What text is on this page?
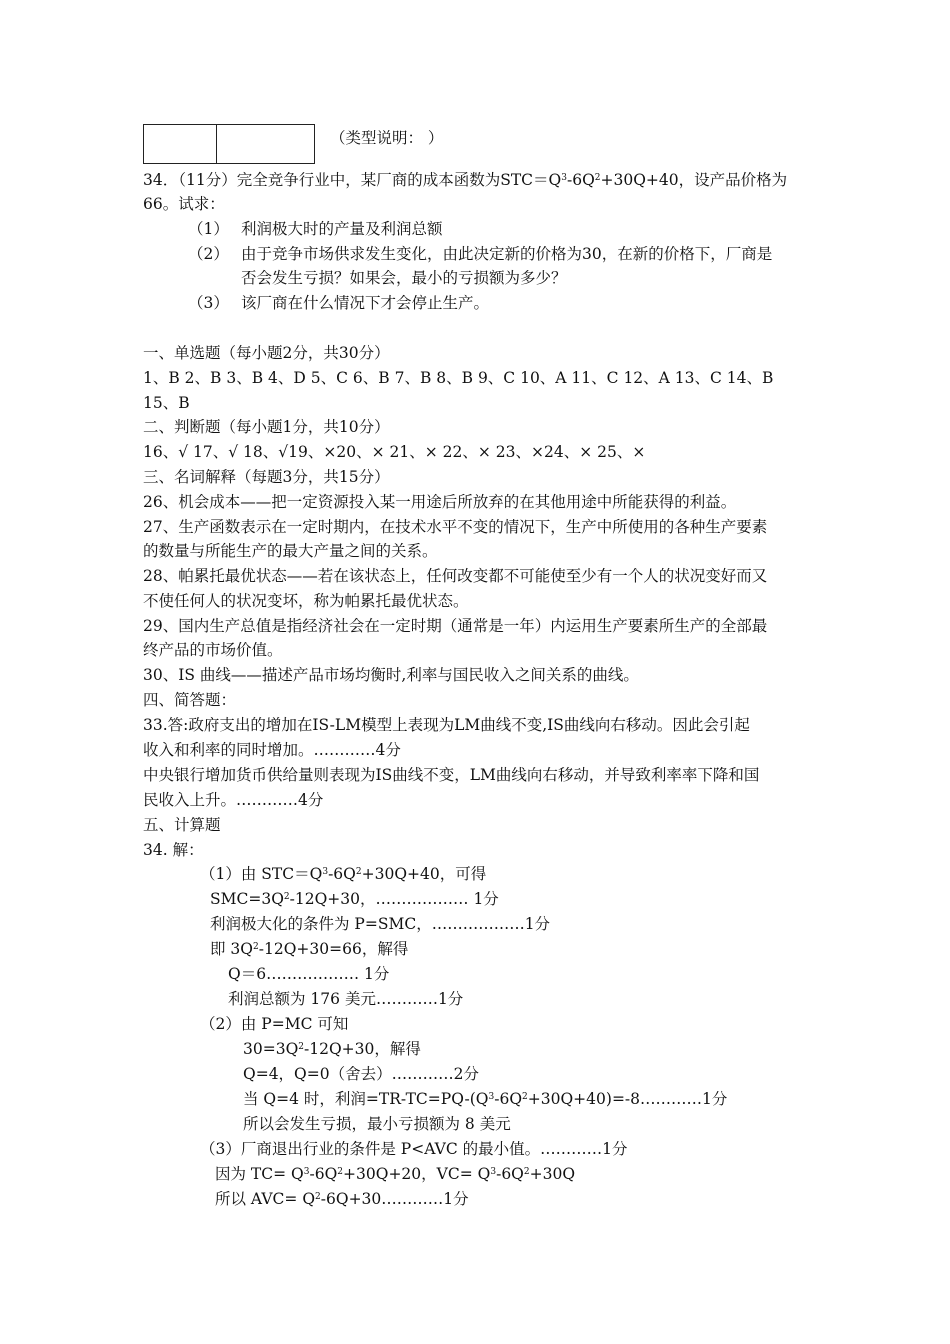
（类型说明： ）
34．（11分）完全竞争行业中，某厂商的成本函数为$STC=Q^3-6Q^2+30Q+40$，设产品价格为
66。试求：
（1） 利润极大时的产量及利润总额
（2） 由于竞争市场供求发生变化，由此决定新的价格为30，在新的价格下，厂商是
否会发生亏损？如果会，最小的亏损额为多少？
（3） 该厂商在什么情况下才会停止生产。
一、单选题（每小题2分，共30分）
1、B 2、B 3、B 4、D 5、C 6、B 7、B 8、B 9、C 10、A 11、C 12、A 13、C 14、B
15、B
二、判断题（每小题1分，共10分）
16、√ 17、√ 18、√19、×20、× 21、× 22、× 23、×24、× 25、×
三、名词解释（每题3分，共15分）
26、机会成本——把一定资源投入某一用途后所放弃的在其他用途中所能获得的利益。
27、生产函数表示在一定时期内，在技术水平不变的情况下，生产中所使用的各种生产要素
的数量与所能生产的最大产量之间的关系。
28、帕累托最优状态——若在该状态上，任何改变都不可能使至少有一个人的状况变好而又
不使任何人的状况变坏，称为帕累托最优状态。
29、国内生产总值是指经济社会在一定时期（通常是一年）内运用生产要素所生产的全部最
终产品的市场价值。
30、IS 曲线——描述产品市场均衡时,利率与国民收入之间关系的曲线。
四、简答题：
33.答:政府支出的增加在IS-LM模型上表现为LM曲线不变,IS曲线向右移动。因此会引起
收入和利率的同时增加。…………4分
中央银行增加货币供给量则表现为IS曲线不变，LM曲线向右移动，并导致利率率下降和国
民收入上升。…………4分
五、计算题
34. 解：
（1）由 $STC=Q^3-6Q^2+30Q+40$，可得
$SMC=3Q^2-12Q+30$，……………… 1分
利润极大化的条件为 P=SMC，………………1分
即 $3Q^2-12Q+30=66$，解得
Q＝6……………… 1分
利润总额为 176 美元…………1分
（2）由 P=MC 可知
$30=3Q^2-12Q+30$，解得
Q=4，Q=0（舍去）…………2分
当 Q=4 时，利润$=TR-TC=PQ-(Q^3-6Q^2+30Q+40)=-8\dots\dots\dots\dots 1$分
所以会发生亏损，最小亏损额为 8 美元
（3）厂商退出行业的条件是 P<AVC 的最小值。…………1分
因为 $TC= Q^3-6Q^2+30Q+20$，$VC= Q^3-6Q^2+30Q$
所以 $AVC= Q^2-6Q+30\dots\dots\dots\dots 1$分
